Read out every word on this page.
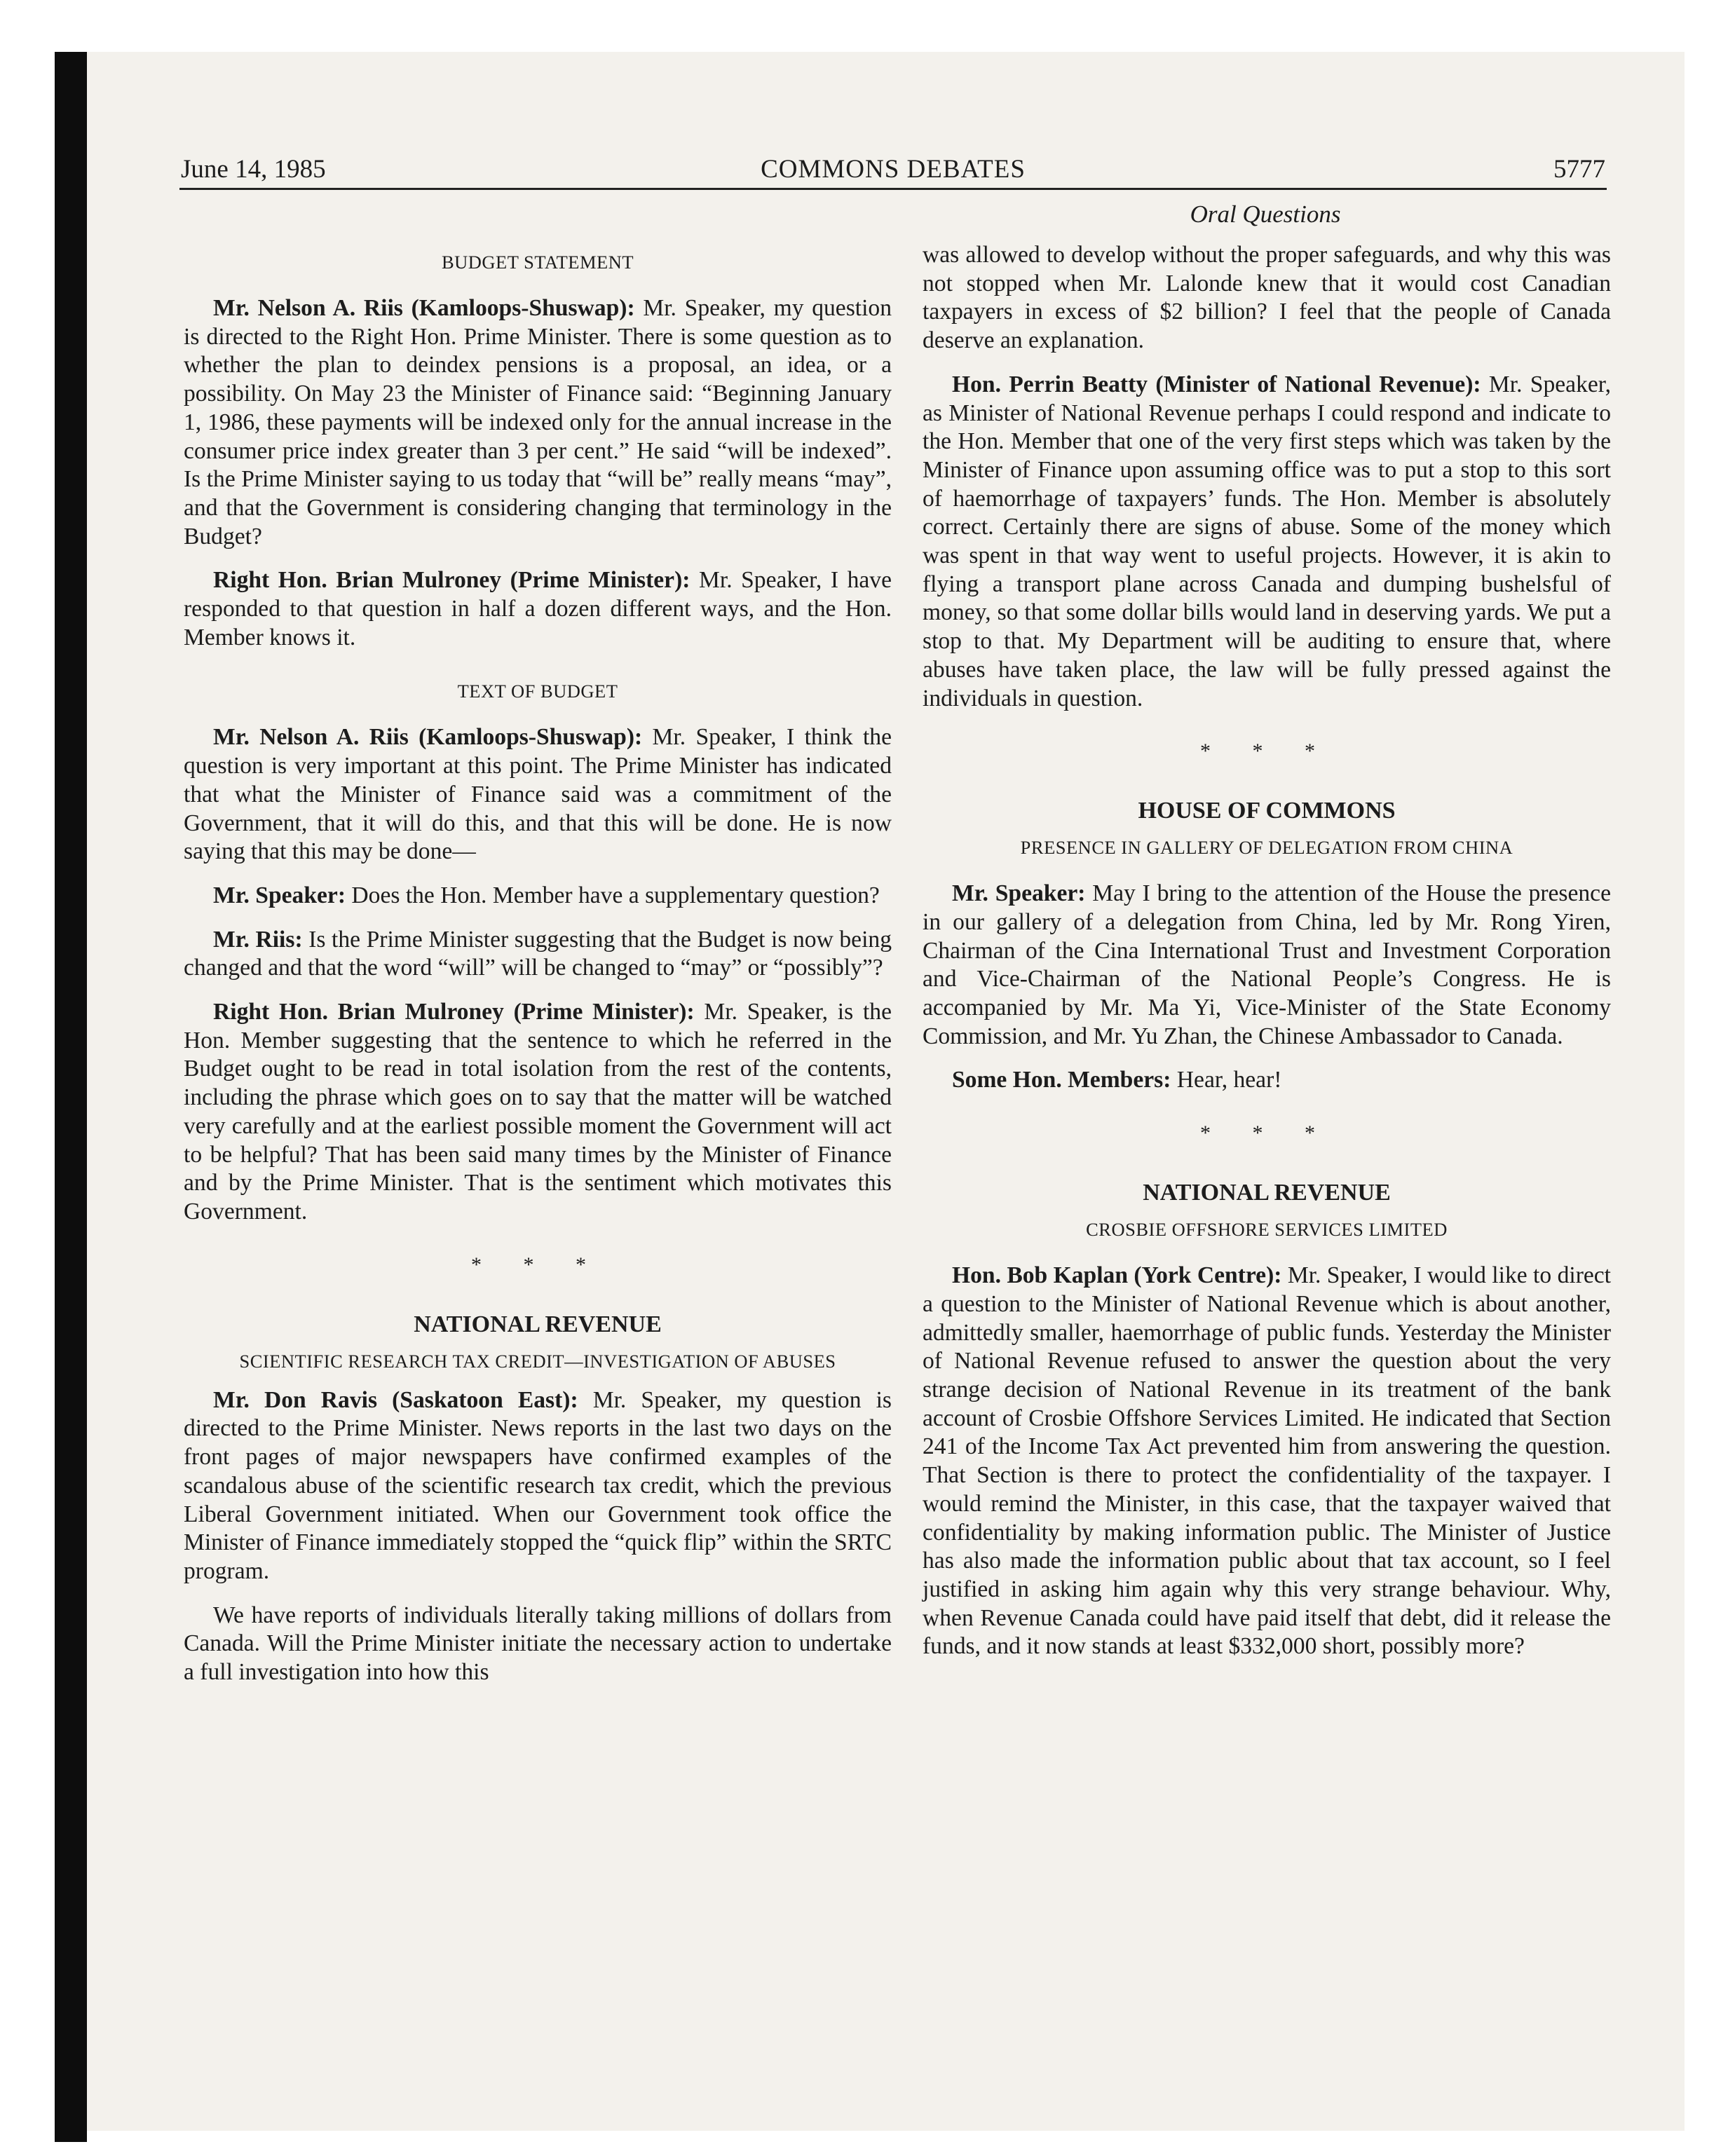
June 14, 1985	COMMONS DEBATES	5777
Oral Questions
BUDGET STATEMENT

Mr. Nelson A. Riis (Kamloops-Shuswap): Mr. Speaker, my question is directed to the Right Hon. Prime Minister. There is some question as to whether the plan to deindex pensions is a proposal, an idea, or a possibility. On May 23 the Minister of Finance said: “Beginning January 1, 1986, these payments will be indexed only for the annual increase in the consumer price index greater than 3 per cent.” He said “will be indexed”. Is the Prime Minister saying to us today that “will be” really means “may”, and that the Government is considering changing that terminology in the Budget?

Right Hon. Brian Mulroney (Prime Minister): Mr. Speaker, I have responded to that question in half a dozen different ways, and the Hon. Member knows it.

TEXT OF BUDGET

Mr. Nelson A. Riis (Kamloops-Shuswap): Mr. Speaker, I think the question is very important at this point. The Prime Minister has indicated that what the Minister of Finance said was a commitment of the Government, that it will do this, and that this will be done. He is now saying that this may be done—

Mr. Speaker: Does the Hon. Member have a supplementary question?

Mr. Riis: Is the Prime Minister suggesting that the Budget is now being changed and that the word “will” will be changed to “may” or “possibly”?

Right Hon. Brian Mulroney (Prime Minister): Mr. Speaker, is the Hon. Member suggesting that the sentence to which he referred in the Budget ought to be read in total isolation from the rest of the contents, including the phrase which goes on to say that the matter will be watched very carefully and at the earliest possible moment the Government will act to be helpful? That has been said many times by the Minister of Finance and by the Prime Minister. That is the sentiment which motivates this Government.

* * *
NATIONAL REVENUE
SCIENTIFIC RESEARCH TAX CREDIT—INVESTIGATION OF ABUSES

Mr. Don Ravis (Saskatoon East): Mr. Speaker, my question is directed to the Prime Minister. News reports in the last two days on the front pages of major newspapers have confirmed examples of the scandalous abuse of the scientific research tax credit, which the previous Liberal Government initiated. When our Government took office the Minister of Finance immediately stopped the “quick flip” within the SRTC program.

We have reports of individuals literally taking millions of dollars from Canada. Will the Prime Minister initiate the necessary action to undertake a full investigation into how this

was allowed to develop without the proper safeguards, and why this was not stopped when Mr. Lalonde knew that it would cost Canadian taxpayers in excess of $2 billion? I feel that the people of Canada deserve an explanation.

Hon. Perrin Beatty (Minister of National Revenue): Mr. Speaker, as Minister of National Revenue perhaps I could respond and indicate to the Hon. Member that one of the very first steps which was taken by the Minister of Finance upon assuming office was to put a stop to this sort of haemorrhage of taxpayers’ funds. The Hon. Member is absolutely correct. Certainly there are signs of abuse. Some of the money which was spent in that way went to useful projects. However, it is akin to flying a transport plane across Canada and dumping bushelsful of money, so that some dollar bills would land in deserving yards. We put a stop to that. My Department will be auditing to ensure that, where abuses have taken place, the law will be fully pressed against the individuals in question.

* * *
HOUSE OF COMMONS
PRESENCE IN GALLERY OF DELEGATION FROM CHINA

Mr. Speaker: May I bring to the attention of the House the presence in our gallery of a delegation from China, led by Mr. Rong Yiren, Chairman of the Cina International Trust and Investment Corporation and Vice-Chairman of the National People’s Congress. He is accompanied by Mr. Ma Yi, Vice-Minister of the State Economy Commission, and Mr. Yu Zhan, the Chinese Ambassador to Canada.

Some Hon. Members: Hear, hear!

* * *
NATIONAL REVENUE
CROSBIE OFFSHORE SERVICES LIMITED

Hon. Bob Kaplan (York Centre): Mr. Speaker, I would like to direct a question to the Minister of National Revenue which is about another, admittedly smaller, haemorrhage of public funds. Yesterday the Minister of National Revenue refused to answer the question about the very strange decision of National Revenue in its treatment of the bank account of Crosbie Offshore Services Limited. He indicated that Section 241 of the Income Tax Act prevented him from answering the question. That Section is there to protect the confidentiality of the taxpayer. I would remind the Minister, in this case, that the taxpayer waived that confidentiality by making information public. The Minister of Justice has also made the information public about that tax account, so I feel justified in asking him again why this very strange behaviour. Why, when Revenue Canada could have paid itself that debt, did it release the funds, and it now stands at least $332,000 short, possibly more?
